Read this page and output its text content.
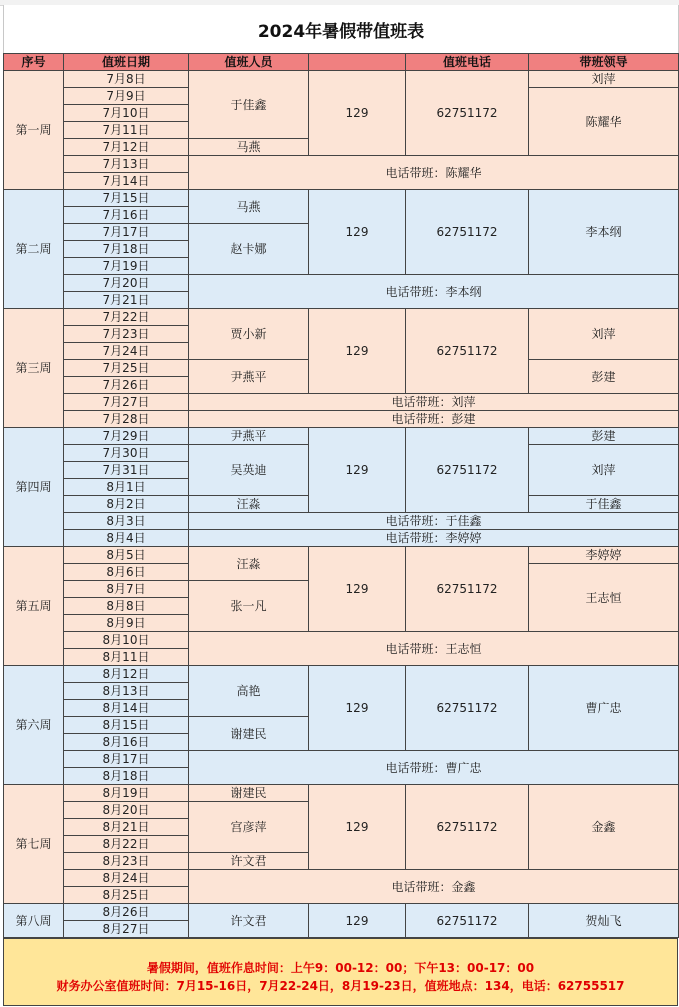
2024年暑假带值班表
序号	值班日期	值班人员		值班电话	带班领导
第一周	7月8日	于佳鑫	129	62751172	刘萍
	7月9日				陈耀华
	7月10日				
	7月11日				
	7月12日	马燕			
	7月13日	电话带班：陈耀华			
	7月14日				
第二周	7月15日	马燕	129	62751172	李本纲
	7月16日				
	7月17日	赵卡娜			
	7月18日				
	7月19日				
	7月20日	电话带班：李本纲			
	7月21日				
第三周	7月22日	贾小新	129	62751172	刘萍
	7月23日				
	7月24日				
	7月25日	尹燕平			彭建
	7月26日				
	7月27日	电话带班：刘萍			
	7月28日	电话带班：彭建			
第四周	7月29日	尹燕平	129	62751172	彭建
	7月30日	吴英迪			刘萍
	7月31日				
	8月1日				
	8月2日	汪淼			于佳鑫
	8月3日	电话带班：于佳鑫			
	8月4日	电话带班：李婷婷			
第五周	8月5日	汪淼	129	62751172	李婷婷
	8月6日				王志恒
	8月7日	张一凡			
	8月8日				
	8月9日				
	8月10日	电话带班：王志恒			
	8月11日				
第六周	8月12日	高艳	129	62751172	曹广忠
	8月13日				
	8月14日				
	8月15日	谢建民			
	8月16日				
	8月17日	电话带班：曹广忠			
	8月18日				
第七周	8月19日	谢建民	129	62751172	金鑫
	8月20日	宫彦萍			
	8月21日				
	8月22日				
	8月23日	许文君			
	8月24日	电话带班：金鑫			
	8月25日				
第八周	8月26日	许文君	129	62751172	贺灿飞
	8月27日				
暑假期间，值班作息时间：上午9：00-12：00；下午13：00-17：00
财务办公室值班时间：7月15-16日，7月22-24日，8月19-23日，值班地点：134，电话：62755517
